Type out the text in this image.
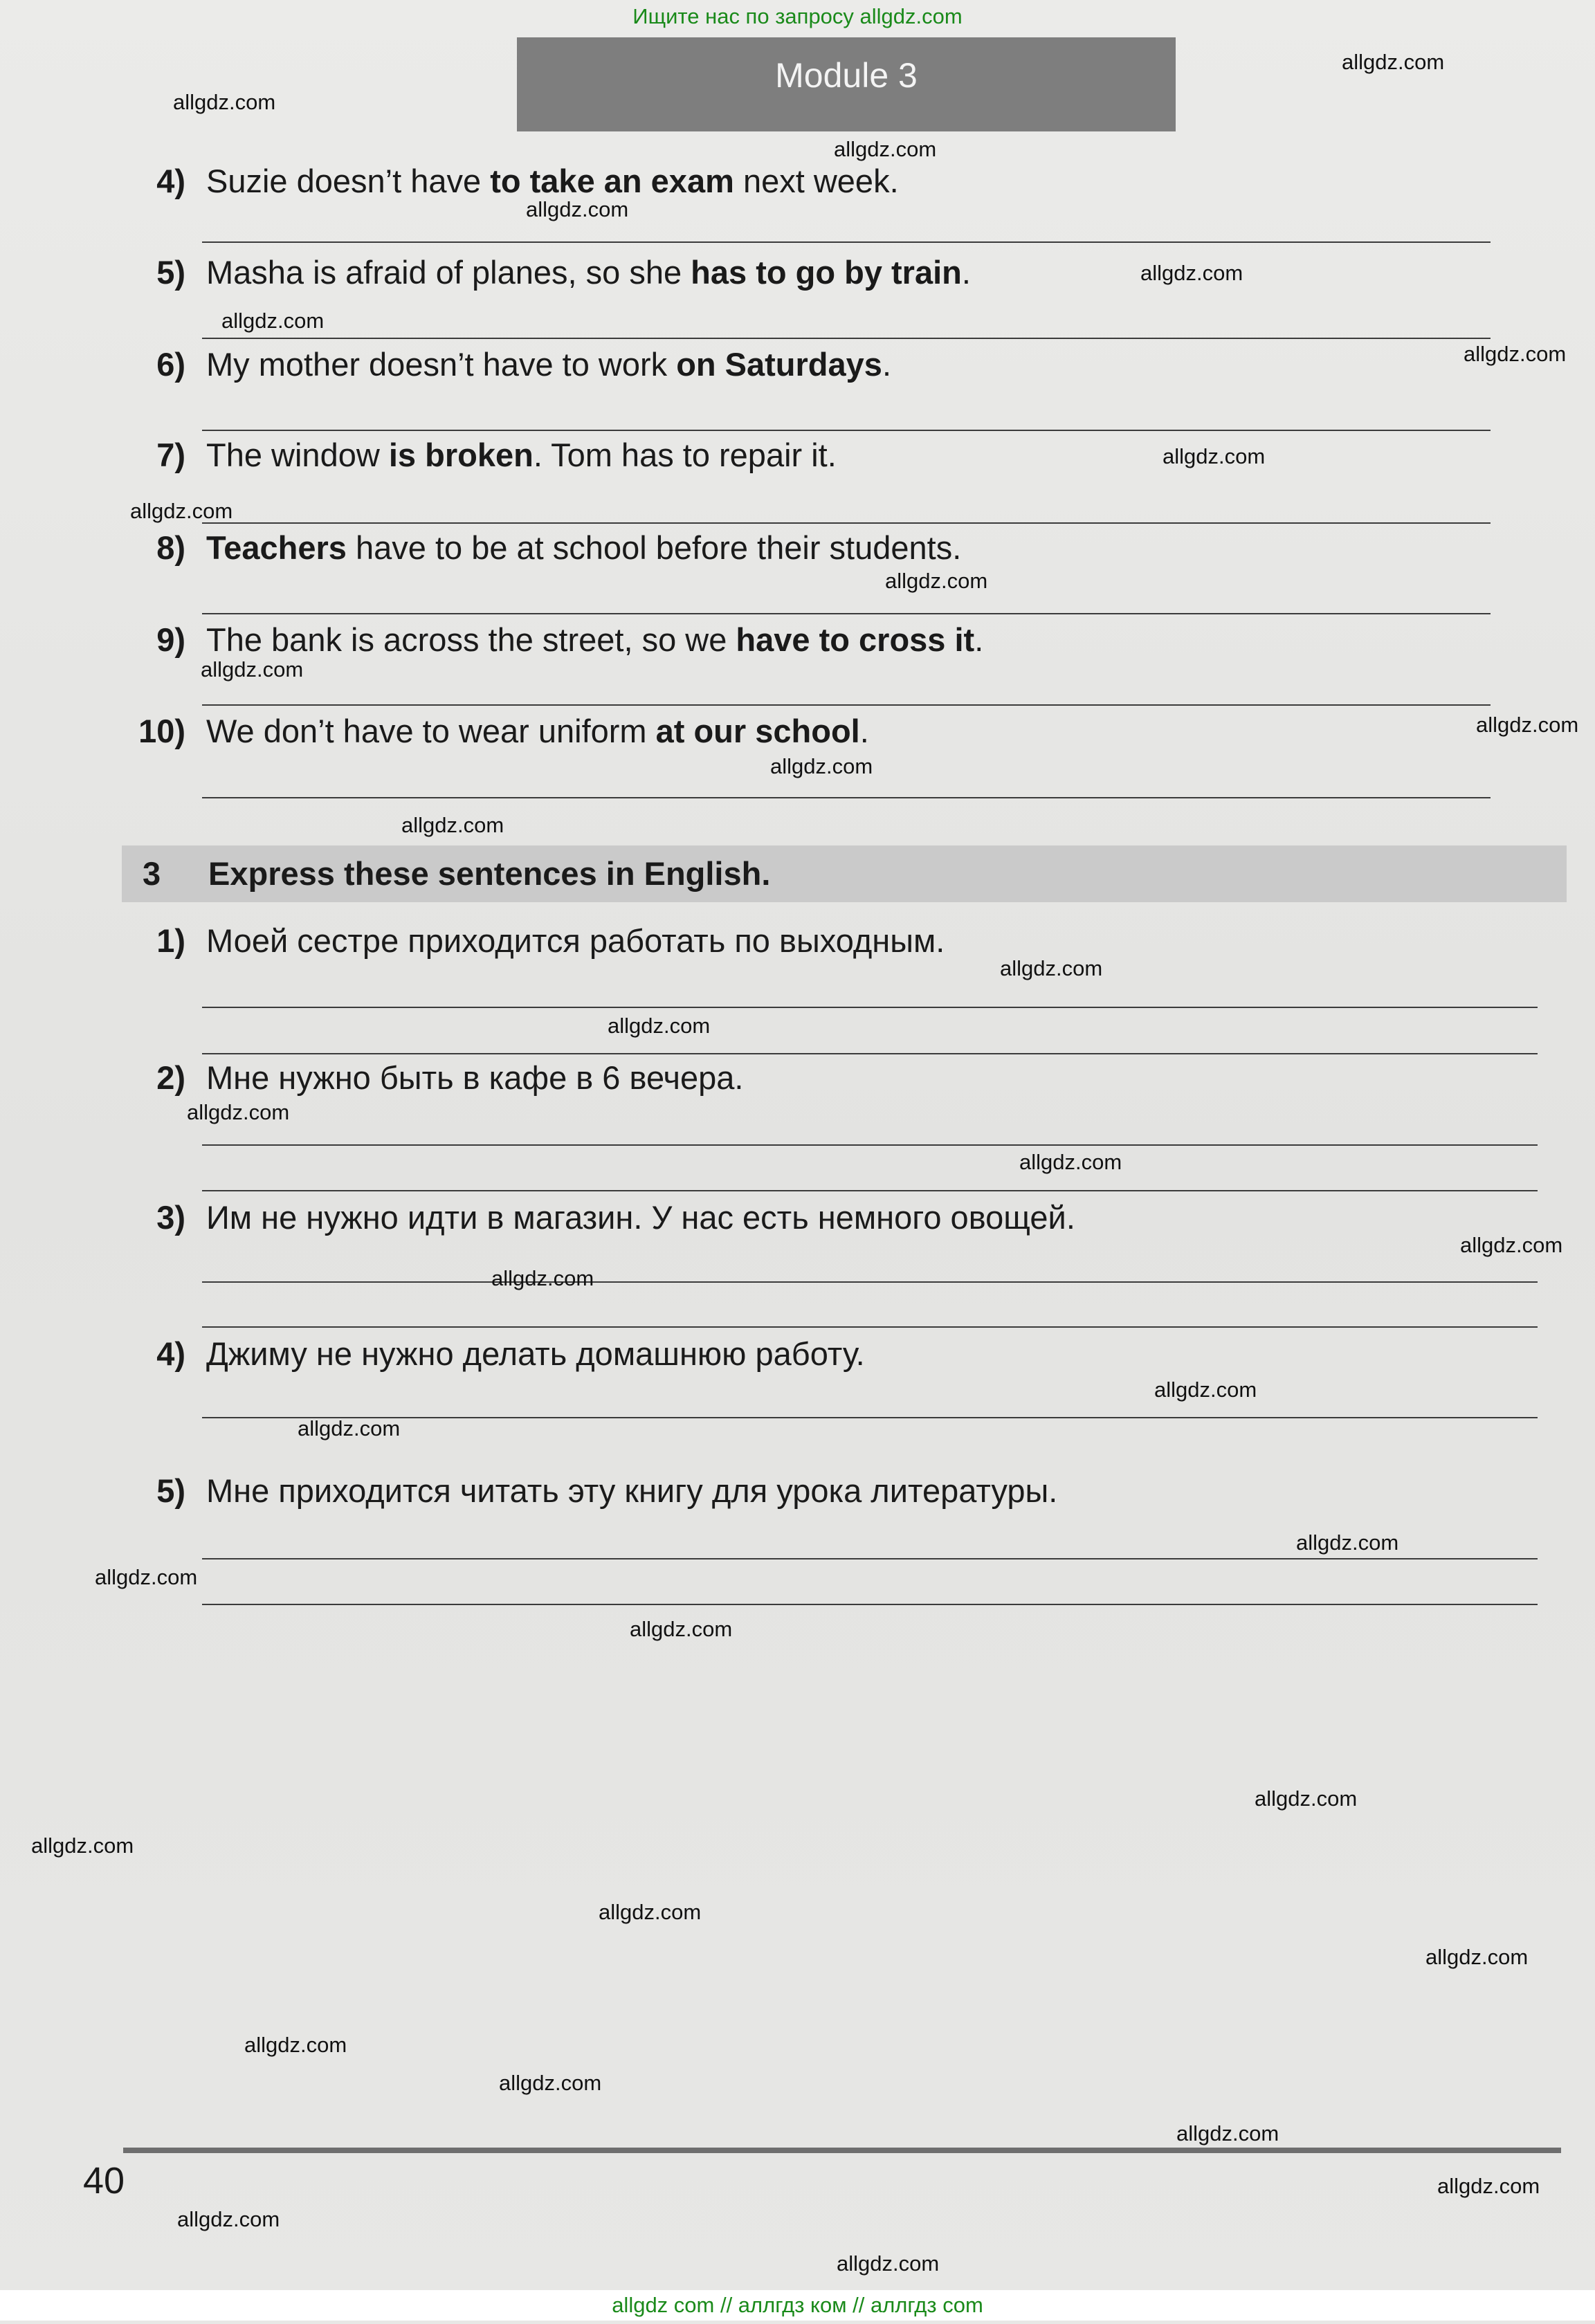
Ищите нас по запросу allgdz.com
Module 3
4) Suzie doesn’t have to take an exam next week.
5) Masha is afraid of planes, so she has to go by train.
6) My mother doesn’t have to work on Saturdays.
7) The window is broken. Tom has to repair it.
8) Teachers have to be at school before their students.
9) The bank is across the street, so we have to cross it.
10) We don’t have to wear uniform at our school.
3 Express these sentences in English.
1) Моей сестре приходится работать по выходным.
2) Мне нужно быть в кафе в 6 вечера.
3) Им не нужно идти в магазин. У нас есть немного овощей.
4) Джиму не нужно делать домашнюю работу.
5) Мне приходится читать эту книгу для урока литературы.
40
allgdz.com
allgdz.com
allgdz.com
allgdz.com
allgdz.com
allgdz.com
allgdz.com
allgdz.com
allgdz.com
allgdz.com
allgdz.com
allgdz.com
allgdz.com
allgdz.com
allgdz.com
allgdz.com
allgdz.com
allgdz.com
allgdz.com
allgdz.com
allgdz.com
allgdz.com
allgdz.com
allgdz.com
allgdz.com
allgdz.com
allgdz.com
allgdz.com
allgdz.com
allgdz.com
allgdz.com
allgdz.com
allgdz.com
allgdz.com
allgdz.com
allgdz com // аллгдз ком // аллгдз com
